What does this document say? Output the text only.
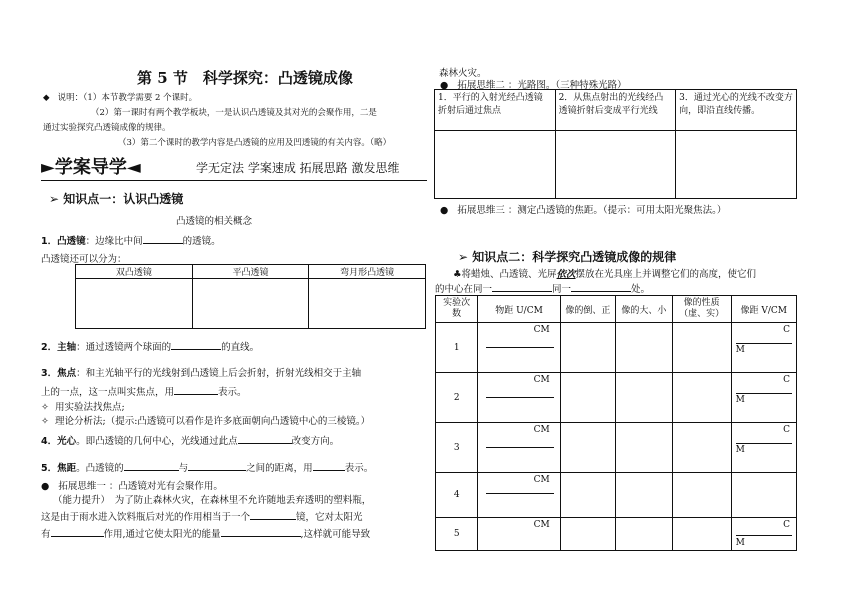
第 5 节　科学探究：凸透镜成像
◆ 说明：（1）本节教学需要 2 个课时。
（2）第一课时有两个教学板块，一是认识凸透镜及其对光的会聚作用，二是
通过实验探究凸透镜成像的规律。
（3）第二个课时的教学内容是凸透镜的应用及凹透镜的有关内容。（略）
►学案导学◄	学无定法 学案速成 拓展思路 激发思维
➢ 知识点一：认识凸透镜
凸透镜的相关概念
1．凸透镜：边缘比中间	的透镜。
凸透镜还可以分为：
双凸透镜	平凸透镜	弯月形凸透镜

2．主轴：通过透镜两个球面的	的直线。
3．焦点：和主光轴平行的光线射到凸透镜上后会折射，折射光线相交于主轴
上的一点，这一点叫实焦点，用	表示。
✧ 用实验法找焦点;
✧ 理论分析法;（提示:凸透镜可以看作是许多底面朝向凸透镜中心的三棱镜。）
4．光心。即凸透镜的几何中心，光线通过此点	改变方向。
5．焦距。凸透镜的	与	之间的距离，用	表示。
● 拓展思维一 ：凸透镜对光有会聚作用。
（能力提升）　为了防止森林火灾，在森林里不允许随地丢弃透明的塑料瓶，
这是由于雨水进入饮料瓶后对光的作用相当于一个	镜，它对太阳光
有	作用,通过它使太阳光的能量	,这样就可能导致
森林火灾。
● 拓展思维二 ：光路图。（三种特殊光路）
1．平行的入射光经凸透镜折射后通过焦点	2．从焦点射出的光线经凸透镜折射后变成平行光线	3．通过光心的光线不改变方向，即沿直线传播。

● 拓展思维三 ：测定凸透镜的焦距。（提示：可用太阳光聚焦法。）
➢ 知识点二：科学探究凸透镜成像的规律
♣将蜡烛、凸透镜、光屏依次摆放在光具座上并调整它们的高度，使它们
的中心在同一	同一	处。
实验次数	物距 U/CM	像的倒、正	像的大、小	像的性质（虚、实）	像距 V/CM
1	CM				C
M

2	CM				C
M

3	CM				C
M

4	CM				

5	CM				C
M
